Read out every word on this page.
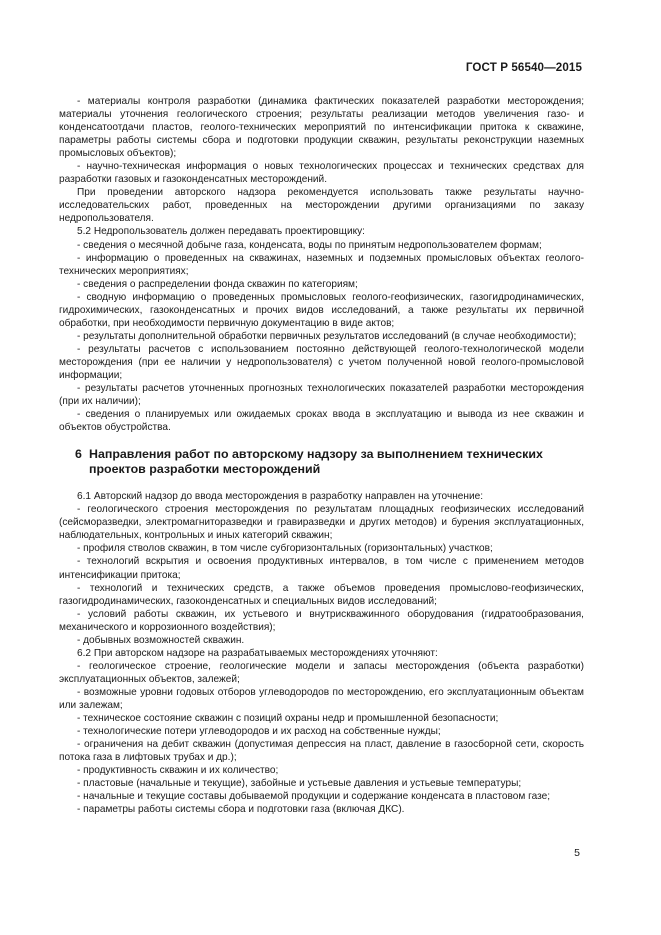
ГОСТ Р 56540—2015

- материалы контроля разработки (динамика фактических показателей разработки месторождения; материалы уточнения геологического строения; результаты реализации методов увеличения газо- и конденсатоотдачи пластов, геолого-технических мероприятий по интенсификации притока к скважине, параметры работы системы сбора и подготовки продукции скважин, результаты реконструкции наземных промысловых объектов);

- научно-техническая информация о новых технологических процессах и технических средствах для разработки газовых и газоконденсатных месторождений.

При проведении авторского надзора рекомендуется использовать также результаты научно-исследовательских работ, проведенных на месторождении другими организациями по заказу недропользователя.

5.2 Недропользователь должен передавать проектировщику:

- сведения о месячной добыче газа, конденсата, воды по принятым недропользователем формам;

- информацию о проведенных на скважинах, наземных и подземных промысловых объектах геолого-технических мероприятиях;

- сведения о распределении фонда скважин по категориям;

- сводную информацию о проведенных промысловых геолого-геофизических, газогидродинамических, гидрохимических, газоконденсатных и прочих видов исследований, а также результаты их первичной обработки, при необходимости первичную документацию в виде актов;

- результаты дополнительной обработки первичных результатов исследований (в случае необходимости);

- результаты расчетов с использованием постоянно действующей геолого-технологической модели месторождения (при ее наличии у недропользователя) с учетом полученной новой геолого-промысловой информации;

- результаты расчетов уточненных прогнозных технологических показателей разработки месторождения (при их наличии);

- сведения о планируемых или ожидаемых сроках ввода в эксплуатацию и вывода из нее скважин и объектов обустройства.

6 Направления работ по авторскому надзору за выполнением технических
проектов разработки месторождений

6.1 Авторский надзор до ввода месторождения в разработку направлен на уточнение:

- геологического строения месторождения по результатам площадных геофизических исследований (сейсморазведки, электромагниторазведки и гравиразведки и других методов) и бурения эксплуатационных, наблюдательных, контрольных и иных категорий скважин;

- профиля стволов скважин, в том числе субгоризонтальных (горизонтальных) участков;

- технологий вскрытия и освоения продуктивных интервалов, в том числе с применением методов интенсификации притока;

- технологий и технических средств, а также объемов проведения промыслово-геофизических, газогидродинамических, газоконденсатных и специальных видов исследований;

- условий работы скважин, их устьевого и внутрискважинного оборудования (гидратообразования, механического и коррозионного воздействия);

- добывных возможностей скважин.

6.2 При авторском надзоре на разрабатываемых месторождениях уточняют:

- геологическое строение, геологические модели и запасы месторождения (объекта разработки) эксплуатационных объектов, залежей;

- возможные уровни годовых отборов углеводородов по месторождению, его эксплуатационным объектам или залежам;

- техническое состояние скважин с позиций охраны недр и промышленной безопасности;

- технологические потери углеводородов и их расход на собственные нужды;

- ограничения на дебит скважин (допустимая депрессия на пласт, давление в газосборной сети, скорость потока газа в лифтовых трубах и др.);

- продуктивность скважин и их количество;

- пластовые (начальные и текущие), забойные и устьевые давления и устьевые температуры;

- начальные и текущие составы добываемой продукции и содержание конденсата в пластовом газе;

- параметры работы системы сбора и подготовки газа (включая ДКС).

5
